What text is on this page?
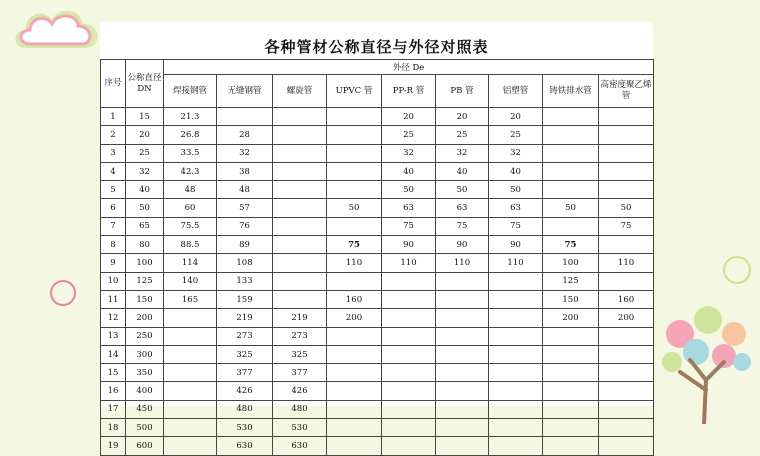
各种管材公称直径与外径对照表
序号	公称直径 DN	外径 De								
		焊接钢管	无缝钢管	螺旋管	UPVC 管	PP-R 管	PB 管	铝塑管	铸铁排水管	高密度聚乙烯管
1	15	21.3				20	20	20		
2	20	26.8	28			25	25	25		
3	25	33.5	32			32	32	32		
4	32	42.3	38			40	40	40		
5	40	48	48			50	50	50		
6	50	60	57		50	63	63	63	50	50
7	65	75.5	76			75	75	75		75
8	80	88.5	89		75	90	90	90	75	
9	100	114	108		110	110	110	110	100	110
10	125	140	133						125	
11	150	165	159		160				150	160
12	200		219	219	200				200	200
13	250		273	273						
14	300		325	325						
15	350		377	377						
16	400		426	426						
17	450		480	480						
18	500		530	530						
19	600		630	630						
